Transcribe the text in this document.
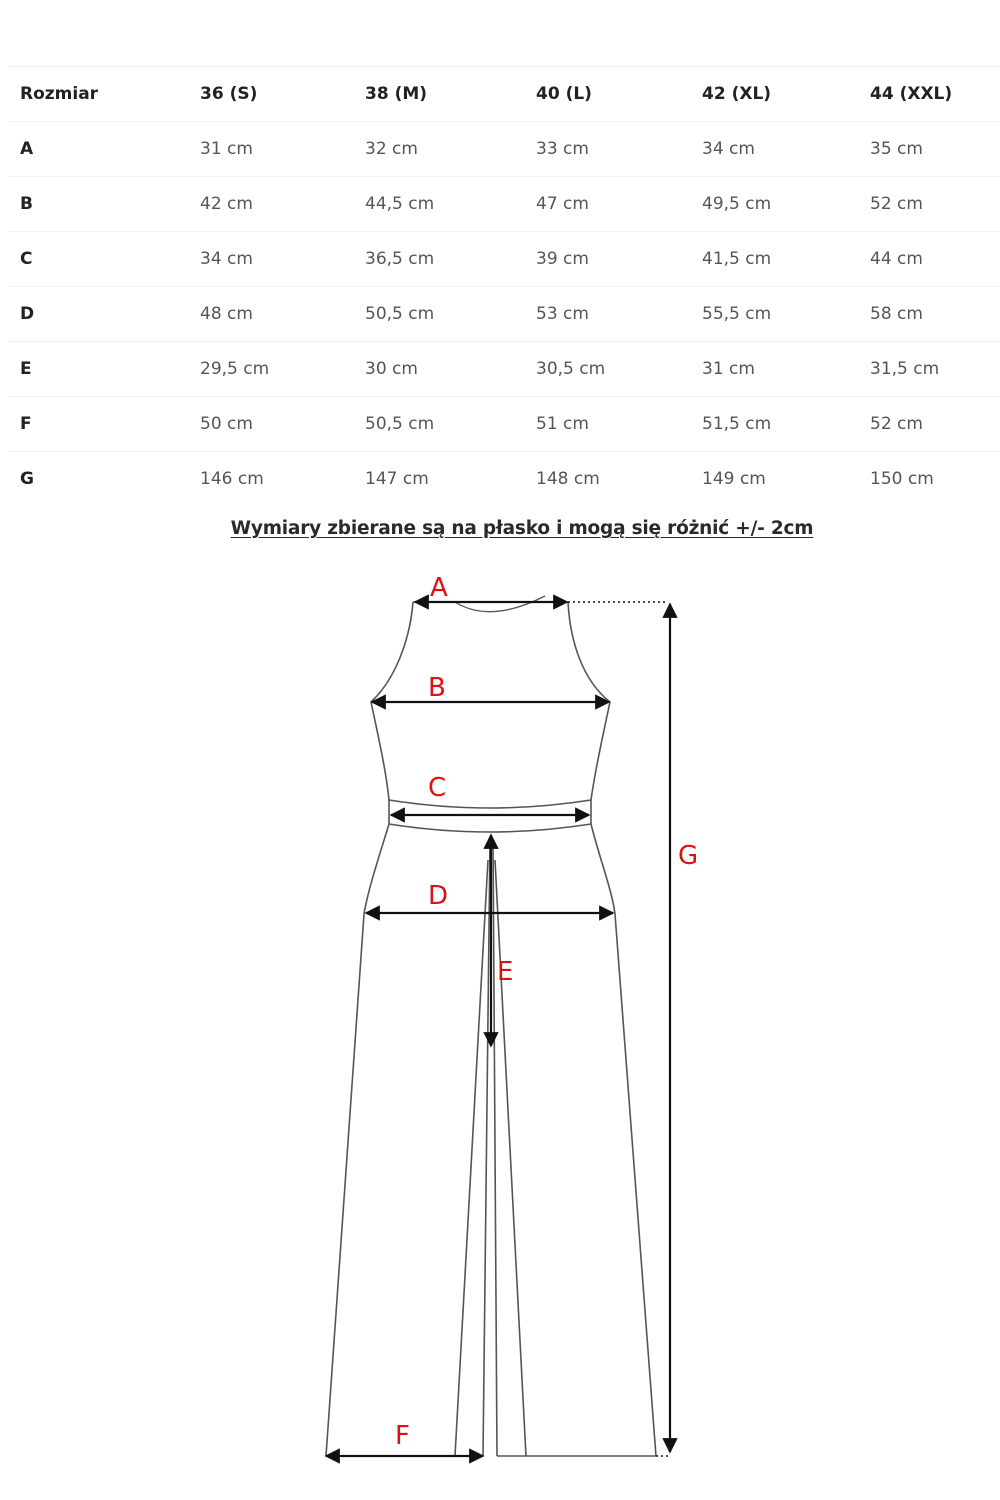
Rozmiar	36 (S)	38 (M)	40 (L)	42 (XL)	44 (XXL)
A	31 cm	32 cm	33 cm	34 cm	35 cm
B	42 cm	44,5 cm	47 cm	49,5 cm	52 cm
C	34 cm	36,5 cm	39 cm	41,5 cm	44 cm
D	48 cm	50,5 cm	53 cm	55,5 cm	58 cm
E	29,5 cm	30 cm	30,5 cm	31 cm	31,5 cm
F	50 cm	50,5 cm	51 cm	51,5 cm	52 cm
G	146 cm	147 cm	148 cm	149 cm	150 cm
Wymiary zbierane są na płasko i mogą się różnić +/- 2cm
A
B
C
D
E
F
G
